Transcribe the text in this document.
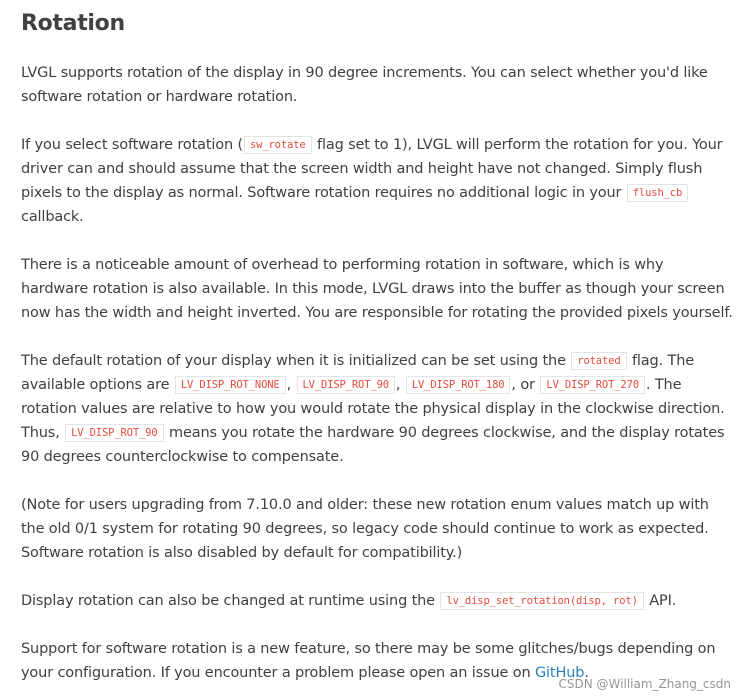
Rotation

LVGL supports rotation of the display in 90 degree increments. You can select whether you'd like software rotation or hardware rotation.

If you select software rotation ( sw_rotate flag set to 1), LVGL will perform the rotation for you. Your driver can and should assume that the screen width and height have not changed. Simply flush pixels to the display as normal. Software rotation requires no additional logic in your flush_cb callback.

There is a noticeable amount of overhead to performing rotation in software, which is why hardware rotation is also available. In this mode, LVGL draws into the buffer as though your screen now has the width and height inverted. You are responsible for rotating the provided pixels yourself.

The default rotation of your display when it is initialized can be set using the rotated flag. The available options are LV_DISP_ROT_NONE , LV_DISP_ROT_90 , LV_DISP_ROT_180 , or LV_DISP_ROT_270 . The rotation values are relative to how you would rotate the physical display in the clockwise direction. Thus, LV_DISP_ROT_90 means you rotate the hardware 90 degrees clockwise, and the display rotates 90 degrees counterclockwise to compensate.

(Note for users upgrading from 7.10.0 and older: these new rotation enum values match up with the old 0/1 system for rotating 90 degrees, so legacy code should continue to work as expected. Software rotation is also disabled by default for compatibility.)

Display rotation can also be changed at runtime using the lv_disp_set_rotation(disp, rot) API.

Support for software rotation is a new feature, so there may be some glitches/bugs depending on your configuration. If you encounter a problem please open an issue on GitHub.

CSDN @William_Zhang_csdn
